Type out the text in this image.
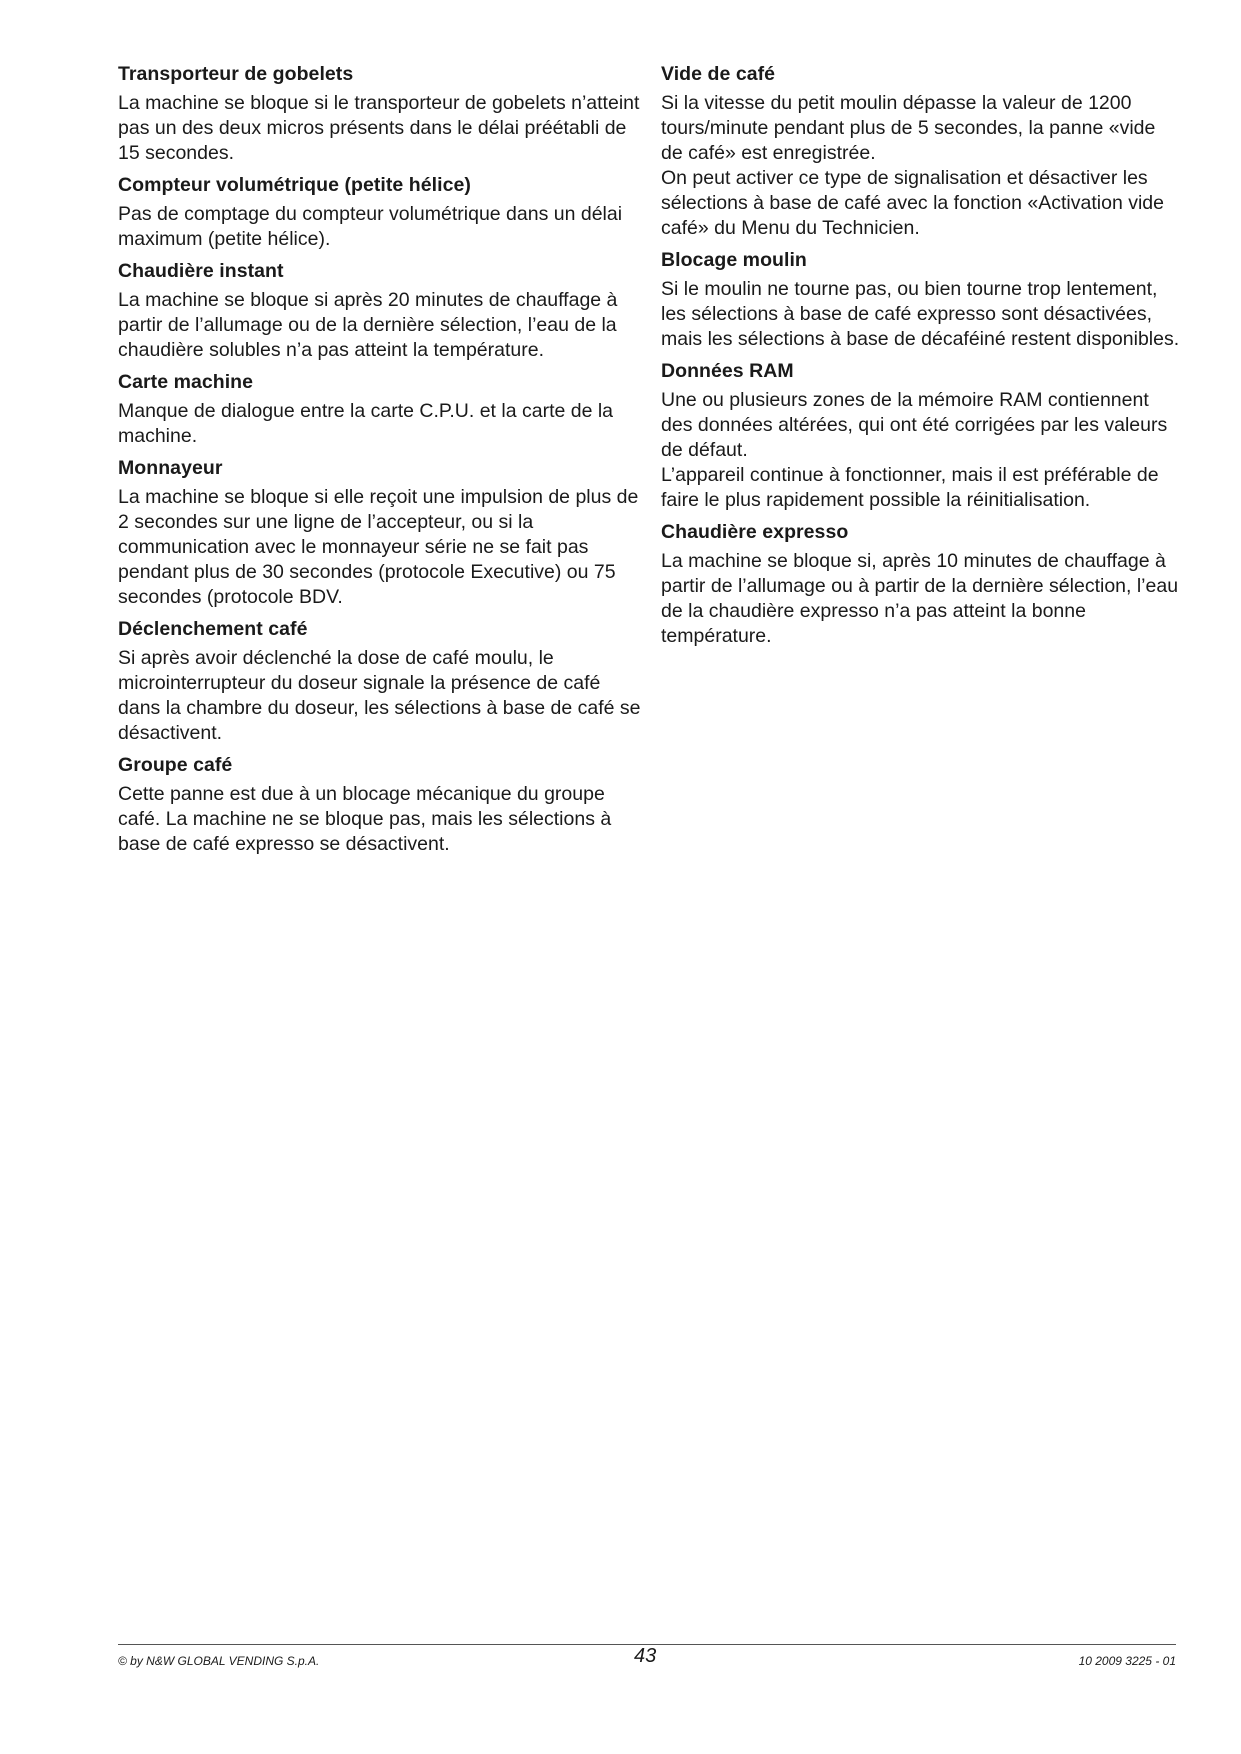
Transporteur de gobelets

La machine se bloque si le transporteur de gobelets n’atteint pas un des deux micros présents dans le délai préétabli de 15 secondes.

Compteur volumétrique (petite hélice)

Pas de comptage du compteur volumétrique dans un délai maximum (petite hélice).

Chaudière instant

La machine se bloque si après 20 minutes de chauffage à partir de l’allumage ou de la dernière sélection, l’eau de la chaudière solubles n’a pas atteint la température.

Carte machine

Manque de dialogue entre la carte C.P.U. et la carte de la machine.

Monnayeur

La machine se bloque si elle reçoit une impulsion de plus de 2 secondes sur une ligne de l’accepteur, ou si la communication avec le monnayeur série ne se fait pas pendant plus de 30 secondes (protocole Executive) ou 75 secondes (protocole BDV.

Déclenchement café

Si après avoir déclenché la dose de café moulu, le microinterrupteur du doseur signale la présence de café dans la chambre du doseur, les sélections à base de café se désactivent.

Groupe café

Cette panne est due à un blocage mécanique du groupe café. La machine ne se bloque pas, mais les sélections à base de café expresso se désactivent.

Vide de café

Si la vitesse du petit moulin dépasse la valeur de 1200 tours/minute pendant plus de 5 secondes, la panne «vide de café» est enregistrée.

On peut activer ce type de signalisation et désactiver les sélections à base de café avec la fonction «Activation vide café» du Menu du Technicien.

Blocage moulin

Si le moulin ne tourne pas, ou bien tourne trop lentement, les sélections à base de café expresso sont désactivées, mais les sélections à base de décaféiné restent disponibles.

Données RAM

Une ou plusieurs zones de la mémoire RAM contiennent des données altérées, qui ont été corrigées par les valeurs de défaut.

L’appareil continue à fonctionner, mais il est préférable de faire le plus rapidement possible la réinitialisation.

Chaudière expresso

La machine se bloque si, après 10 minutes de chauffage à partir de l’allumage ou à partir de la dernière sélection, l’eau de la chaudière expresso n’a pas atteint la bonne température.

© by N&W GLOBAL VENDING S.p.A.	43	10 2009 3225 - 01
